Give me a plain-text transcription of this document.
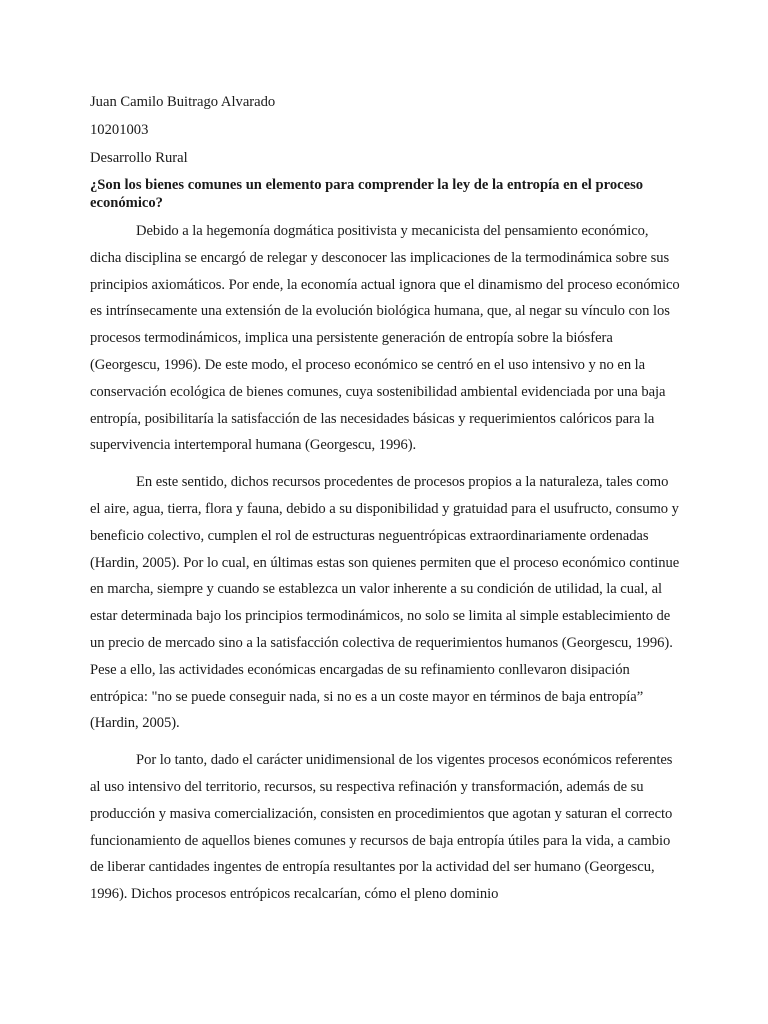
Juan Camilo Buitrago Alvarado
10201003
Desarrollo Rural
¿Son los bienes comunes un elemento para comprender la ley de la entropía en el proceso económico?

Debido a la hegemonía dogmática positivista y mecanicista del pensamiento económico, dicha disciplina se encargó de relegar y desconocer las implicaciones de la termodinámica sobre sus principios axiomáticos. Por ende, la economía actual ignora que el dinamismo del proceso económico es intrínsecamente una extensión de la evolución biológica humana, que, al negar su vínculo con los procesos termodinámicos, implica una persistente generación de entropía sobre la biósfera (Georgescu, 1996). De este modo, el proceso económico se centró en el uso intensivo y no en la conservación ecológica de bienes comunes, cuya sostenibilidad ambiental evidenciada por una baja entropía, posibilitaría la satisfacción de las necesidades básicas y requerimientos calóricos para la supervivencia intertemporal humana (Georgescu, 1996).

En este sentido, dichos recursos procedentes de procesos propios a la naturaleza, tales como el aire, agua, tierra, flora y fauna, debido a su disponibilidad y gratuidad para el usufructo, consumo y beneficio colectivo, cumplen el rol de estructuras neguentrópicas extraordinariamente ordenadas (Hardin, 2005). Por lo cual, en últimas estas son quienes permiten que el proceso económico continue en marcha, siempre y cuando se establezca un valor inherente a su condición de utilidad, la cual, al estar determinada bajo los principios termodinámicos, no solo se limita al simple establecimiento de un precio de mercado sino a la satisfacción colectiva de requerimientos humanos (Georgescu, 1996). Pese a ello, las actividades económicas encargadas de su refinamiento conllevaron disipación entrópica: "no se puede conseguir nada, si no es a un coste mayor en términos de baja entropía” (Hardin, 2005).

Por lo tanto, dado el carácter unidimensional de los vigentes procesos económicos referentes al uso intensivo del territorio, recursos, su respectiva refinación y transformación, además de su producción y masiva comercialización, consisten en procedimientos que agotan y saturan el correcto funcionamiento de aquellos bienes comunes y recursos de baja entropía útiles para la vida, a cambio de liberar cantidades ingentes de entropía resultantes por la actividad del ser humano (Georgescu, 1996). Dichos procesos entrópicos recalcarían, cómo el pleno dominio
